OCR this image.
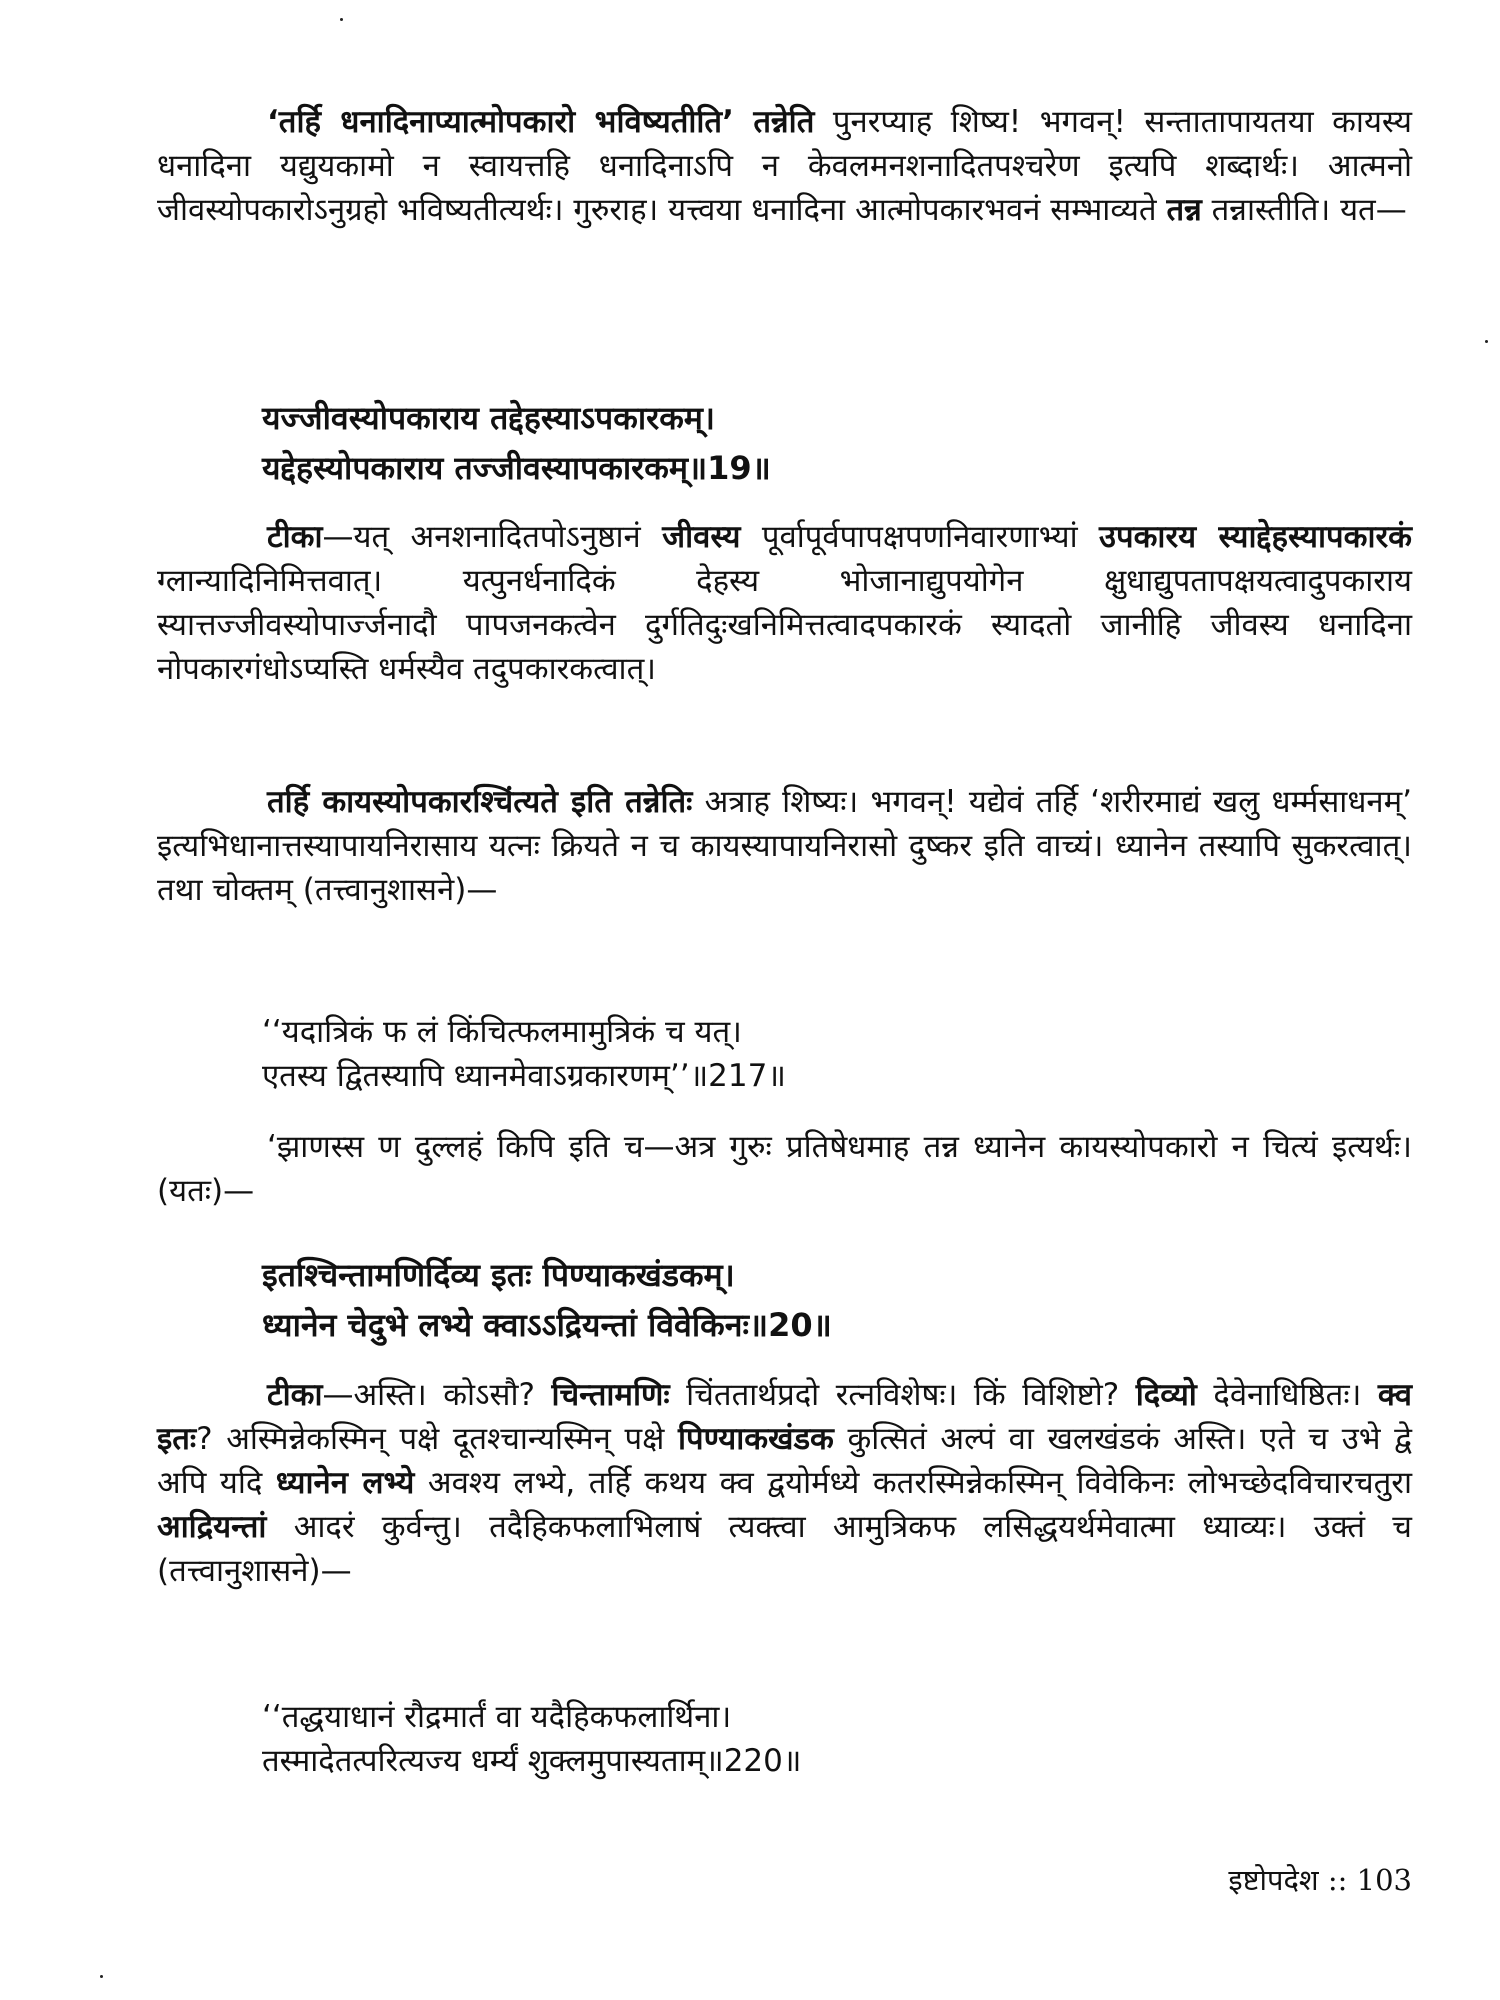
‘तर्हि धनादिनाप्यात्मोपकारो भविष्यतीति’ तन्नेति पुनरप्याह शिष्य! भगवन्! सन्तातापायतया कायस्य धनादिना यद्युयकामो न स्वायत्तहि धनादिनाऽपि न केवलमनशनादितपश्चरेण इत्यपि शब्दार्थः। आत्मनो जीवस्योपकारोऽनुग्रहो भविष्यतीत्यर्थः। गुरुराह। यत्त्वया धनादिना आत्मोपकारभवनं सम्भाव्यते तन्न तन्नास्तीति। यत—

यज्जीवस्योपकाराय तद्देहस्याऽपकारकम्।
यद्देहस्योपकाराय तज्जीवस्यापकारकम्॥19॥

टीका—यत् अनशनादितपोऽनुष्ठानं जीवस्य पूर्वापूर्वपापक्षपणनिवारणाभ्यां उपकारय स्याद्देहस्यापकारकं ग्लान्यादिनिमित्तवात्। यत्पुनर्धनादिकं देहस्य भोजानाद्युपयोगेन क्षुधाद्युपतापक्षयत्वादुपकाराय स्यात्तज्जीवस्योपार्ज्जनादौ पापजनकत्वेन दुर्गतिदुःखनिमित्तत्वादपकारकं स्यादतो जानीहि जीवस्य धनादिना नोपकारगंधोऽप्यस्ति धर्मस्यैव तदुपकारकत्वात्।

तर्हि कायस्योपकारश्‍चिंत्यते इति तन्नेतिः अत्राह शिष्यः। भगवन्! यद्येवं तर्हि ‘शरीरमाद्यं खलु धर्म्मसाधनम्’ इत्यभिधानात्तस्यापायनिरासाय यत्नः क्रियते न च कायस्यापायनिरासो दुष्कर इति वाच्यं। ध्यानेन तस्यापि सुकरत्वात्। तथा चोक्तम् (तत्त्वानुशासने)—

‘‘यदात्रिकं फ लं किंचित्फलमामुत्रिकं च यत्।
एतस्य द्वितस्यापि ध्यानमेवाऽग्रकारणम्’’॥217॥

‘झाणस्स ण दुल्लहं किपि इति च—अत्र गुरुः प्रतिषेधमाह तन्न ध्यानेन कायस्योपकारो न चित्यं इत्यर्थः। (यतः)—

इतश्चिन्तामणिर्दिव्य इतः पिण्याकखंडकम्।
ध्यानेन चेदुभे लभ्ये क्वाऽऽद्रियन्तां विवेकिनः॥20॥

टीका—अस्ति। कोऽसौ? चिन्तामणिः चिंततार्थप्रदो रत्नविशेषः। किं विशिष्टो? दिव्यो देवेनाधिष्ठितः। क्व इतः? अस्मिन्नेकस्मिन् पक्षे दूतश्चान्यस्मिन् पक्षे पिण्याकखंडक कुत्सितं अल्पं वा खलखंडकं अस्ति। एते च उभे द्वे अपि यदि ध्यानेन लभ्ये अवश्य लभ्ये, तर्हि कथय क्व द्वयोर्मध्ये कतरस्मिन्नेकस्मिन् विवेकिनः लोभच्छेदविचारचतुरा आद्रियन्तां आदरं कुर्वन्तु। तदैहिकफलाभिलाषं त्यक्त्वा आमुत्रिकफ लसिद्धयर्थमेवात्मा ध्याव्यः। उक्तं च (तत्त्वानुशासने)—

‘‘तद्धयाधानं रौद्रमार्तं वा यदैहिकफलार्थिना।
तस्मादेतत्परित्यज्य धर्म्यं शुक्लमुपास्यताम्॥220॥
इष्टोपदेश :: 103
